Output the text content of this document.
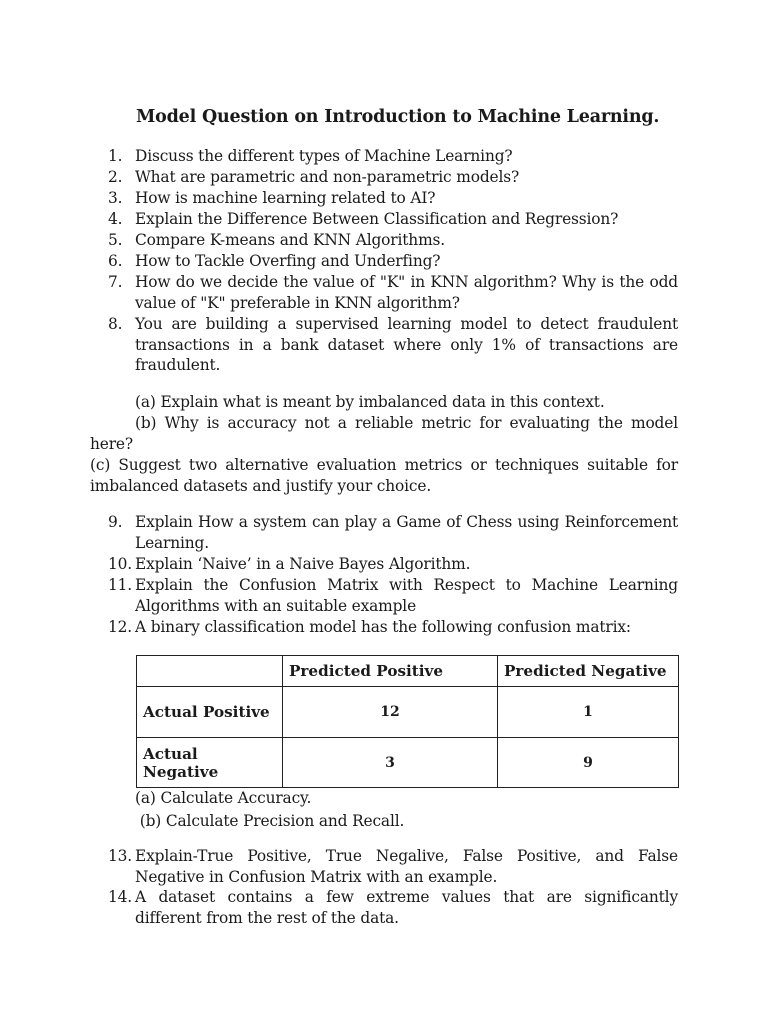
Model Question on Introduction to Machine Learning.
1. Discuss the different types of Machine Learning?
2. What are parametric and non-parametric models?
3. How is machine learning related to AI?
4. Explain the Difference Between Classification and Regression?
5. Compare K-means and KNN Algorithms.
6. How to Tackle Overfing and Underfing?
7. How do we decide the value of "K" in KNN algorithm? Why is the odd value of "K" preferable in KNN algorithm?
8. You are building a supervised learning model to detect fraudulent transactions in a bank dataset where only 1% of transactions are fraudulent.
(a) Explain what is meant by imbalanced data in this context.
(b) Why is accuracy not a reliable metric for evaluating the model here?
(c) Suggest two alternative evaluation metrics or techniques suitable for imbalanced datasets and justify your choice.
9. Explain How a system can play a Game of Chess using Reinforcement Learning.
10. Explain ‘Naive’ in a Naive Bayes Algorithm.
11. Explain the Confusion Matrix with Respect to Machine Learning Algorithms with an suitable example
12. A binary classification model has the following confusion matrix:
	Predicted Positive	Predicted Negative
Actual Positive	12	1
Actual Negative	3	9
(a) Calculate Accuracy.
(b) Calculate Precision and Recall.
13. Explain-True Positive, True Negalive, False Positive, and False Negative in Confusion Matrix with an example.
14. A dataset contains a few extreme values that are significantly different from the rest of the data.
